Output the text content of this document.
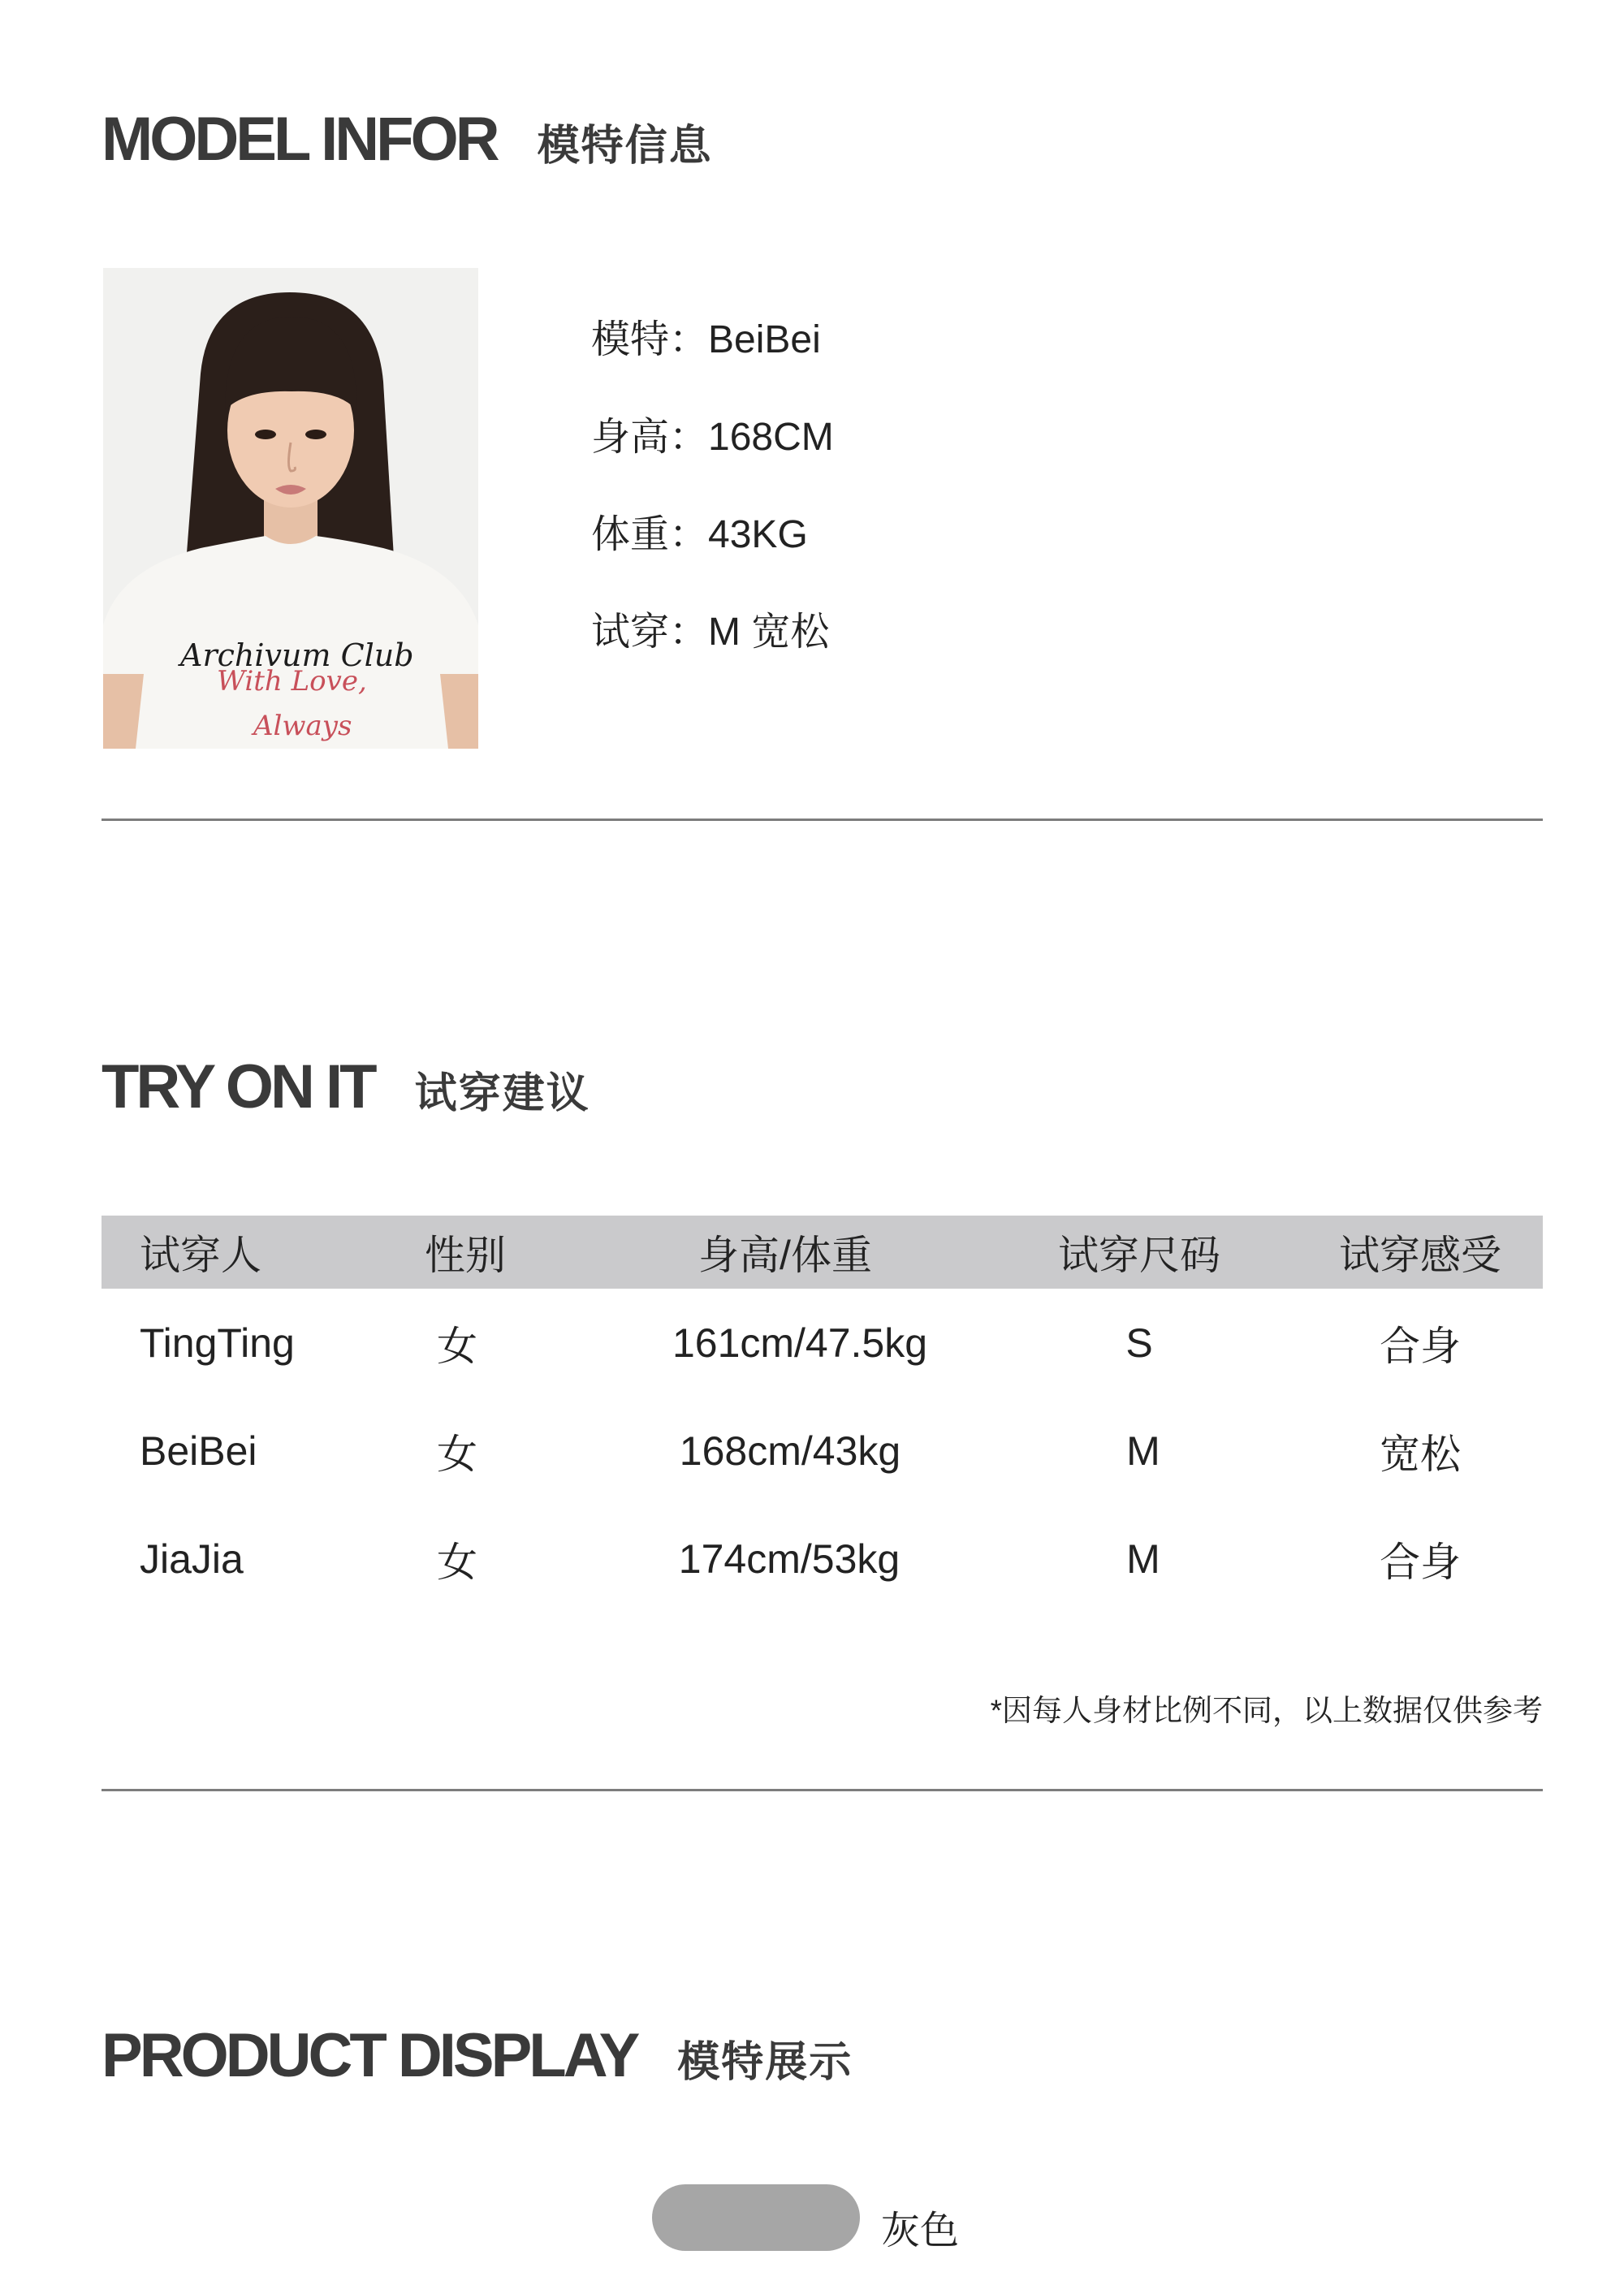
MODEL INFOR 模特信息
Archivum Club
With Love,
Always
模特：BeiBei
身高：168CM
体重：43KG
试穿：M 宽松
TRY ON IT 试穿建议
试穿人	性别	身高/体重	试穿尺码	试穿感受
TingTing	女	161cm/47.5kg	S	合身
BeiBei	女	168cm/43kg	M	宽松
JiaJia	女	174cm/53kg	M	合身
*因每人身材比例不同，以上数据仅供参考
PRODUCT DISPLAY 模特展示
灰色
